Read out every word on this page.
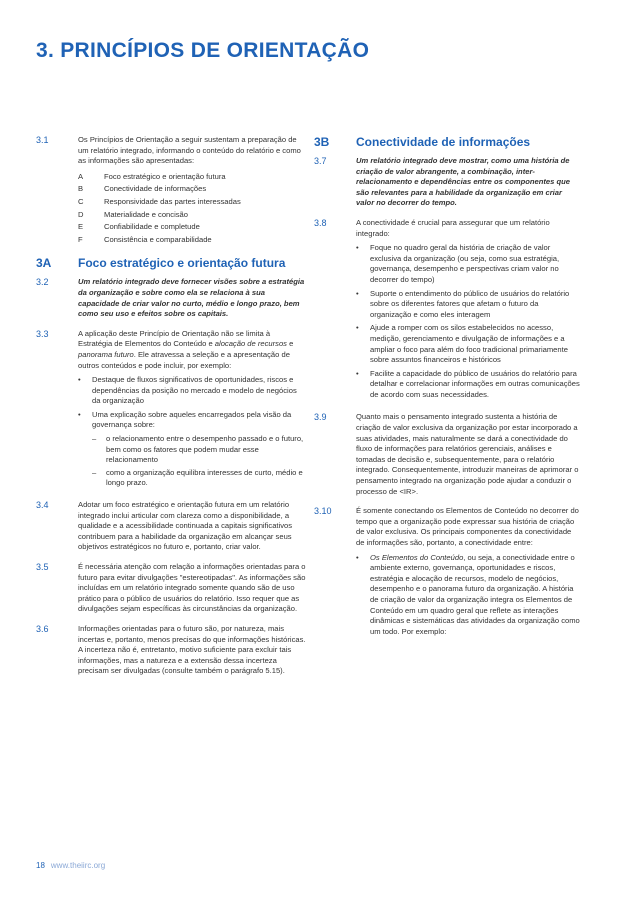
3. PRINCÍPIOS DE ORIENTAÇÃO
3.1	Os Princípios de Orientação a seguir sustentam a preparação de um relatório integrado, informando o conteúdo do relatório e como as informações são apresentadas:
A	Foco estratégico e orientação futura
B	Conectividade de informações
C	Responsividade das partes interessadas
D	Materialidade e concisão
E	Confiabilidade e completude
F	Consistência e comparabilidade
3A	Foco estratégico e orientação futura
3.2	Um relatório integrado deve fornecer visões sobre a estratégia da organização e sobre como ela se relaciona à sua capacidade de criar valor no curto, médio e longo prazo, bem como seu uso e efeitos sobre os capitais.
3.3	A aplicação deste Princípio de Orientação não se limita à Estratégia de Elementos do Conteúdo e alocação de recursos e panorama futuro. Ele atravessa a seleção e a apresentação de outros conteúdos e pode incluir, por exemplo:
•	Destaque de fluxos significativos de oportunidades, riscos e dependências da posição no mercado e modelo de negócios da organização
•	Uma explicação sobre aqueles encarregados pela visão da governança sobre:
–	o relacionamento entre o desempenho passado e o futuro, bem como os fatores que podem mudar esse relacionamento
–	como a organização equilibra interesses de curto, médio e longo prazo.
3.4	Adotar um foco estratégico e orientação futura em um relatório integrado inclui articular com clareza como a disponibilidade, a qualidade e a acessibilidade continuada a capitais significativos contribuem para a habilidade da organização em alcançar seus objetivos estratégicos no futuro e, portanto, criar valor.
3.5	É necessária atenção com relação a informações orientadas para o futuro para evitar divulgações "estereotipadas". As informações são incluídas em um relatório integrado somente quando são de uso prático para o público de usuários do relatório. Isso requer que as divulgações sejam específicas às circunstâncias da organização.
3.6	Informações orientadas para o futuro são, por natureza, mais incertas e, portanto, menos precisas do que informações históricas. A incerteza não é, entretanto, motivo suficiente para excluir tais informações, mas a natureza e a extensão dessa incerteza precisam ser divulgadas (consulte também o parágrafo 5.15).
3B	Conectividade de informações
3.7	Um relatório integrado deve mostrar, como uma história de criação de valor abrangente, a combinação, inter-relacionamento e dependências entre os componentes que são relevantes para a habilidade da organização em criar valor no decorrer do tempo.
3.8	A conectividade é crucial para assegurar que um relatório integrado:
•	Foque no quadro geral da história de criação de valor exclusiva da organização (ou seja, como sua estratégia, governança, desempenho e perspectivas criam valor no decorrer do tempo)
•	Suporte o entendimento do público de usuários do relatório sobre os diferentes fatores que afetam o futuro da organização e como eles interagem
•	Ajude a romper com os silos estabelecidos no acesso, medição, gerenciamento e divulgação de informações e a ampliar o foco para além do foco tradicional primariamente sobre assuntos financeiros e históricos
•	Facilite a capacidade do público de usuários do relatório para detalhar e correlacionar informações em outras comunicações de acordo com suas necessidades.
3.9	Quanto mais o pensamento integrado sustenta a história de criação de valor exclusiva da organização por estar incorporado a suas atividades, mais naturalmente se dará a conectividade do fluxo de informações para relatórios gerenciais, análises e tomadas de decisão e, subsequentemente, para o relatório integrado. Consequentemente, introduzir maneiras de aprimorar o pensamento integrado na organização pode ajudar a conduzir o processo de <IR>.
3.10	É somente conectando os Elementos de Conteúdo no decorrer do tempo que a organização pode expressar sua história de criação de valor exclusiva. Os principais componentes da conectividade de informações são, portanto, a conectividade entre:
•	Os Elementos do Conteúdo, ou seja, a conectividade entre o ambiente externo, governança, oportunidades e riscos, estratégia e alocação de recursos, modelo de negócios, desempenho e o panorama futuro da organização. A história de criação de valor da organização integra os Elementos de Conteúdo em um quadro geral que reflete as interações dinâmicas e sistemáticas das atividades da organização como um todo. Por exemplo:
18 www.theiirc.org
